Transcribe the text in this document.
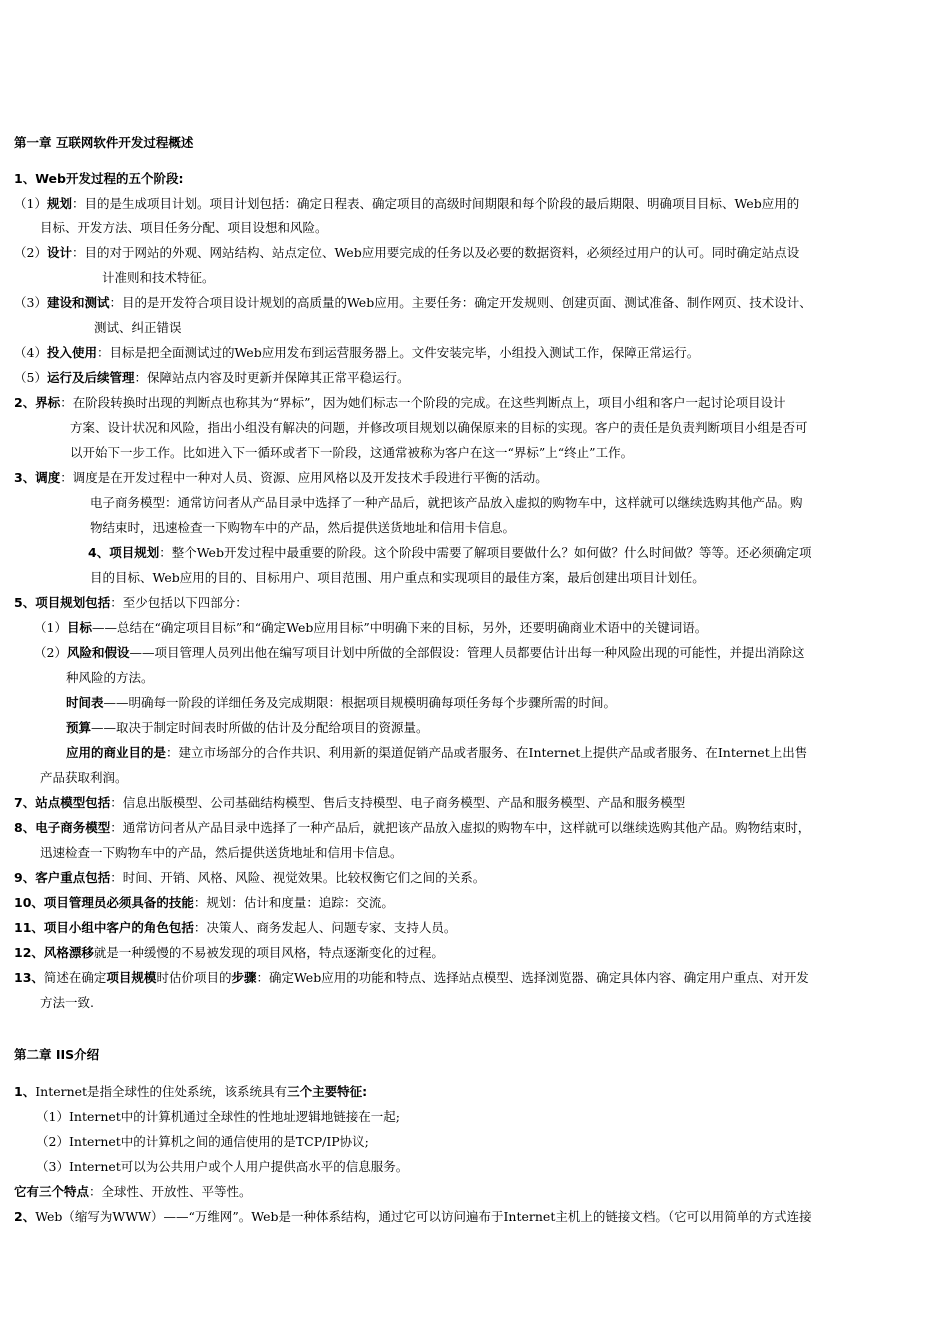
第一章 互联网软件开发过程概述
1、Web开发过程的五个阶段:
（1）规划：目的是生成项目计划。项目计划包括：确定日程表、确定项目的高级时间期限和每个阶段的最后期限、明确项目目标、Web应用的
目标、开发方法、项目任务分配、项目设想和风险。
（2）设计：目的对于网站的外观、网站结构、站点定位、Web应用要完成的任务以及必要的数据资料，必须经过用户的认可。同时确定站点设
计准则和技术特征。
（3）建设和测试：目的是开发符合项目设计规划的高质量的Web应用。主要任务：确定开发规则、创建页面、测试准备、制作网页、技术设计、
测试、纠正错误
（4）投入使用：目标是把全面测试过的Web应用发布到运营服务器上。文件安装完毕，小组投入测试工作，保障正常运行。
（5）运行及后续管理：保障站点内容及时更新并保障其正常平稳运行。
2、界标：在阶段转换时出现的判断点也称其为“界标”，因为她们标志一个阶段的完成。在这些判断点上，项目小组和客户一起讨论项目设计
方案、设计状况和风险，指出小组没有解决的问题，并修改项目规划以确保原来的目标的实现。客户的责任是负责判断项目小组是否可
以开始下一步工作。比如进入下一循环或者下一阶段，这通常被称为客户在这一“界标”上“终止”工作。
3、调度：调度是在开发过程中一种对人员、资源、应用风格以及开发技术手段进行平衡的活动。
电子商务模型：通常访问者从产品目录中选择了一种产品后，就把该产品放入虚拟的购物车中，这样就可以继续选购其他产品。购
物结束时，迅速检查一下购物车中的产品，然后提供送货地址和信用卡信息。
4、项目规划：整个Web开发过程中最重要的阶段。这个阶段中需要了解项目要做什么？如何做？什么时间做？等等。还必须确定项
目的目标、Web应用的目的、目标用户、项目范围、用户重点和实现项目的最佳方案，最后创建出项目计划任。
5、项目规划包括：至少包括以下四部分：
（1）目标——总结在“确定项目目标”和“确定Web应用目标”中明确下来的目标，另外，还要明确商业术语中的关键词语。
（2）风险和假设——项目管理人员列出他在编写项目计划中所做的全部假设：管理人员都要估计出每一种风险出现的可能性，并提出消除这
种风险的方法。
时间表——明确每一阶段的详细任务及完成期限：根据项目规模明确每项任务每个步骤所需的时间。
预算——取决于制定时间表时所做的估计及分配给项目的资源量。
应用的商业目的是：建立市场部分的合作共识、利用新的渠道促销产品或者服务、在Internet上提供产品或者服务、在Internet上出售
产品获取利润。
7、站点模型包括：信息出版模型、公司基础结构模型、售后支持模型、电子商务模型、产品和服务模型、产品和服务模型
8、电子商务模型：通常访问者从产品目录中选择了一种产品后，就把该产品放入虚拟的购物车中，这样就可以继续选购其他产品。购物结束时，
迅速检查一下购物车中的产品，然后提供送货地址和信用卡信息。
9、客户重点包括：时间、开销、风格、风险、视觉效果。比较权衡它们之间的关系。
10、项目管理员必须具备的技能：规划：估计和度量：追踪：交流。
11、项目小组中客户的角色包括：决策人、商务发起人、问题专家、支持人员。
12、风格漂移就是一种缓慢的不易被发现的项目风格，特点逐渐变化的过程。
13、简述在确定项目规模时估价项目的步骤：确定Web应用的功能和特点、选择站点模型、选择浏览器、确定具体内容、确定用户重点、对开发
方法一致.
第二章 IIS介绍
1、Internet是指全球性的住处系统，该系统具有三个主要特征:
（1）Internet中的计算机通过全球性的性地址逻辑地链接在一起;
（2）Internet中的计算机之间的通信使用的是TCP/IP协议;
（3）Internet可以为公共用户或个人用户提供高水平的信息服务。
它有三个特点：全球性、开放性、平等性。
2、Web（缩写为WWW）——“万维网”。Web是一种体系结构，通过它可以访问遍布于Internet主机上的链接文档。（它可以用简单的方式连接
